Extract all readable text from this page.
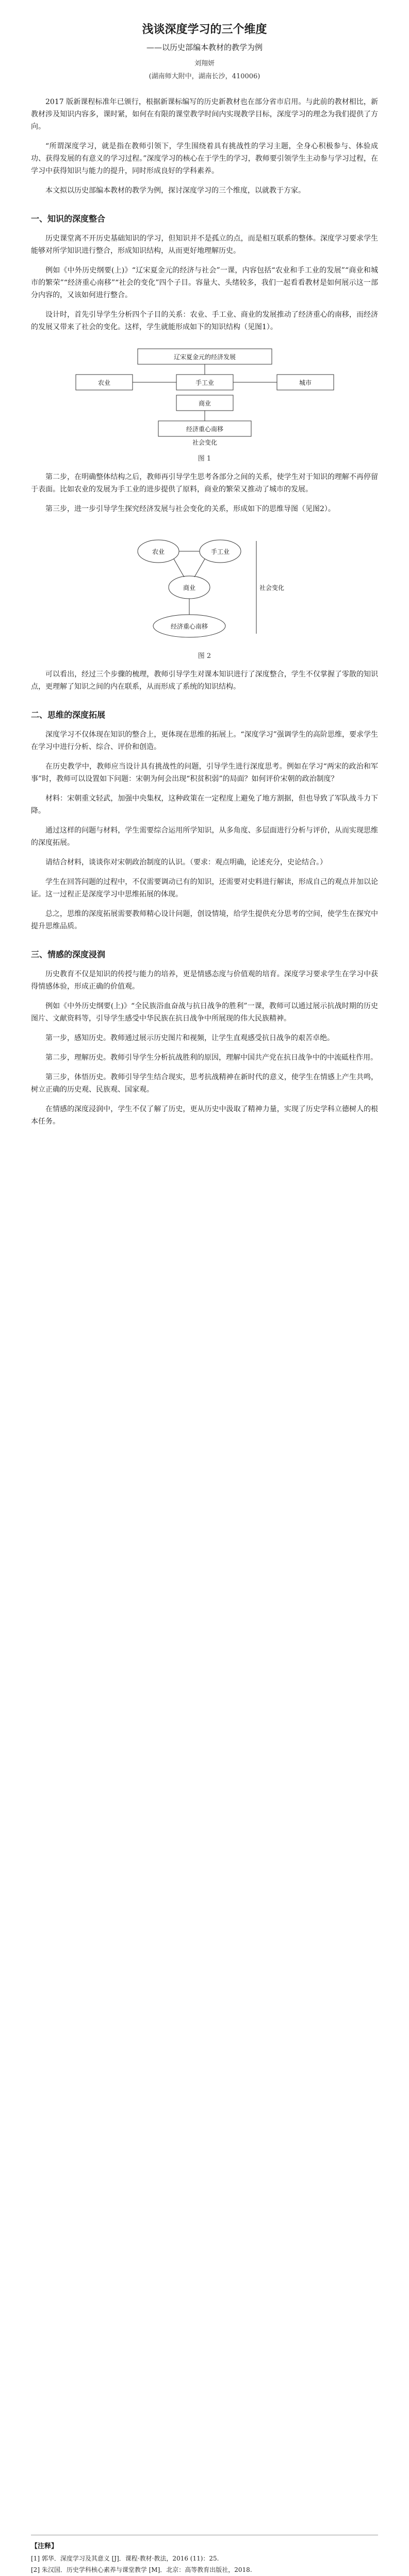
浅谈深度学习的三个维度
——以历史部编本教材的教学为例
刘翔妍
(湖南师大附中，湖南长沙，410006)

2017 版新课程标准年已颁行，根据新课标编写的历史新教材也在部分省市启用。与此前的教材相比，新教材涉及知识内容多，课时紧，如何在有限的课堂教学时间内实现教学目标，深度学习的理念为我们提供了方向。

“所谓深度学习，就是指在教师引领下，学生围绕着具有挑战性的学习主题，全身心积极参与、体验成功、获得发展的有意义的学习过程。”深度学习的核心在于学生的学习，教师要引领学生主动参与学习过程，在学习中获得知识与能力的提升，同时形成良好的学科素养。

本文拟以历史部编本教材的教学为例，探讨深度学习的三个维度，以就教于方家。

一、知识的深度整合

历史课堂离不开历史基础知识的学习，但知识并不是孤立的点，而是相互联系的整体。深度学习要求学生能够对所学知识进行整合，形成知识结构，从而更好地理解历史。

例如《中外历史纲要(上)》“辽宋夏金元的经济与社会”一课，内容包括“农业和手工业的发展”“商业和城市的繁荣”“经济重心南移”“社会的变化”四个子目。容量大、头绪较多，我们一起看看教材是如何展示这一部分内容的，又该如何进行整合。

设计时，首先引导学生分析四个子目的关系：农业、手工业、商业的发展推动了经济重心的南移，而经济的发展又带来了社会的变化。这样，学生就能形成如下的知识结构（见图1）。

辽宋夏金元的经济发展
农业	手工业
商业
城市
经济重心南移
社会变化
图 1

第二步，在明确整体结构之后，教师再引导学生思考各部分之间的关系，使学生对于知识的理解不再停留于表面。比如农业的发展为手工业的进步提供了原料，商业的繁荣又推动了城市的发展。

第三步，进一步引导学生探究经济发展与社会变化的关系，形成如下的思维导图（见图2）。

农业	手工业
商业
经济重心南移
社会变化
图 2

可以看出，经过三个步骤的梳理，教师引导学生对课本知识进行了深度整合，学生不仅掌握了零散的知识点，更理解了知识之间的内在联系，从而形成了系统的知识结构。

二、思维的深度拓展

深度学习不仅体现在知识的整合上，更体现在思维的拓展上。“深度学习”强调学生的高阶思维，要求学生在学习中进行分析、综合、评价和创造。

在历史教学中，教师应当设计具有挑战性的问题，引导学生进行深度思考。例如在学习“两宋的政治和军事”时，教师可以设置如下问题：宋朝为何会出现“积贫积弱”的局面？如何评价宋朝的政治制度？

材料：宋朝重文轻武，加强中央集权，这种政策在一定程度上避免了地方割据，但也导致了军队战斗力下降。

通过这样的问题与材料，学生需要综合运用所学知识，从多角度、多层面进行分析与评价，从而实现思维的深度拓展。

请结合材料，谈谈你对宋朝政治制度的认识。（要求：观点明确，论述充分，史论结合。）

学生在回答问题的过程中，不仅需要调动已有的知识，还需要对史料进行解读，形成自己的观点并加以论证。这一过程正是深度学习中思维拓展的体现。

总之，思维的深度拓展需要教师精心设计问题，创设情境，给学生提供充分思考的空间，使学生在探究中提升思维品质。

三、情感的深度浸润

历史教育不仅是知识的传授与能力的培养，更是情感态度与价值观的培育。深度学习要求学生在学习中获得情感体验，形成正确的价值观。

例如《中外历史纲要(上)》“全民族浴血奋战与抗日战争的胜利”一课，教师可以通过展示抗战时期的历史图片、文献资料等，引导学生感受中华民族在抗日战争中所展现的伟大民族精神。

第一步，感知历史。教师通过展示历史图片和视频，让学生直观感受抗日战争的艰苦卓绝。

第二步，理解历史。教师引导学生分析抗战胜利的原因，理解中国共产党在抗日战争中的中流砥柱作用。

第三步，体悟历史。教师引导学生结合现实，思考抗战精神在新时代的意义，使学生在情感上产生共鸣，树立正确的历史观、民族观、国家观。

在情感的深度浸润中，学生不仅了解了历史，更从历史中汲取了精神力量，实现了历史学科立德树人的根本任务。

【注释】
[1] 郭华．深度学习及其意义 [J]．课程·教材·教法，2016 (11)：25.
[2] 朱汉国．历史学科核心素养与课堂教学 [M]．北京：高等教育出版社，2018.
